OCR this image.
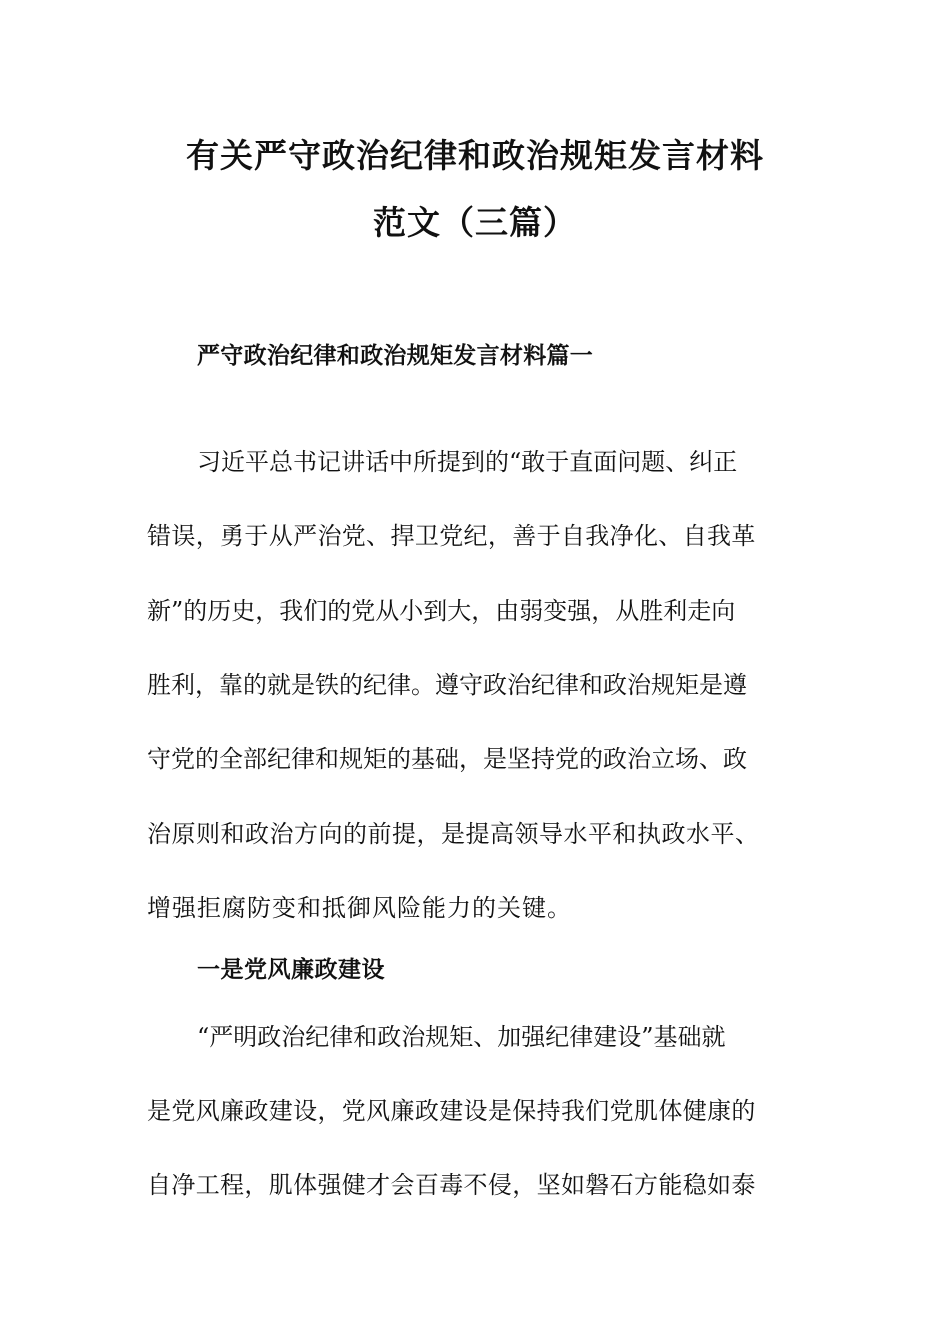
有关严守政治纪律和政治规矩发言材料
范文（三篇）
严守政治纪律和政治规矩发言材料篇一

习近平总书记讲话中所提到的“敢于直面问题、纠正

错误，勇于从严治党、捍卫党纪，善于自我净化、自我革

新”的历史，我们的党从小到大，由弱变强，从胜利走向

胜利，靠的就是铁的纪律。遵守政治纪律和政治规矩是遵

守党的全部纪律和规矩的基础，是坚持党的政治立场、政

治原则和政治方向的前提，是提高领导水平和执政水平、

增强拒腐防变和抵御风险能力的关键。

一是党风廉政建设

“严明政治纪律和政治规矩、加强纪律建设”基础就

是党风廉政建设，党风廉政建设是保持我们党肌体健康的

自净工程，肌体强健才会百毒不侵，坚如磐石方能稳如泰
